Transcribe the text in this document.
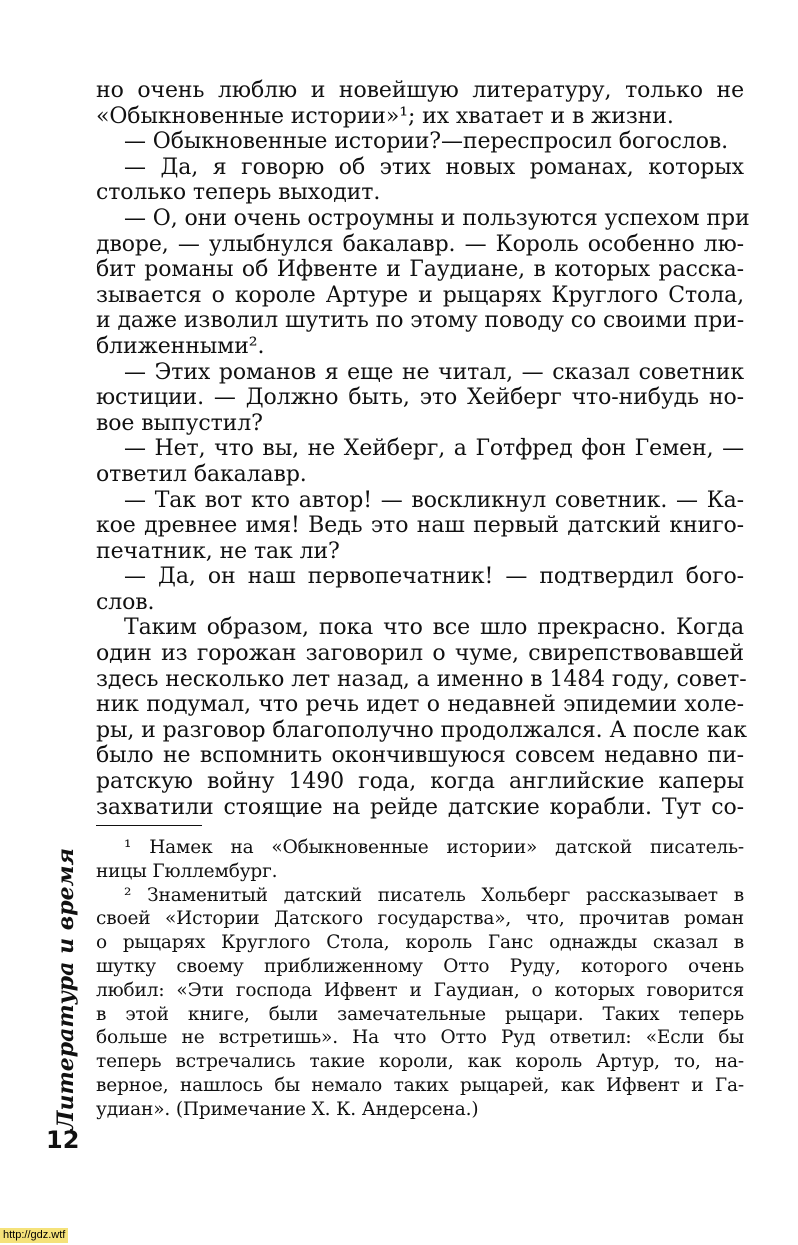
но очень люблю и новейшую литературу, только не
«Обыкновенные истории»¹; их хватает и в жизни.
— Обыкновенные истории?—переспросил богослов.
— Да, я говорю об этих новых романах, которых
столько теперь выходит.
— О, они очень остроумны и пользуются успехом при
дворе, — улыбнулся бакалавр. — Король особенно лю-
бит романы об Ифвенте и Гаудиане, в которых расска-
зывается о короле Артуре и рыцарях Круглого Стола,
и даже изволил шутить по этому поводу со своими при-
ближенными².
— Этих романов я еще не читал, — сказал советник
юстиции. — Должно быть, это Хейберг что-нибудь но-
вое выпустил?
— Нет, что вы, не Хейберг, а Готфред фон Гемен, —
ответил бакалавр.
— Так вот кто автор! — воскликнул советник. — Ка-
кое древнее имя! Ведь это наш первый датский книго-
печатник, не так ли?
— Да, он наш первопечатник! — подтвердил бого-
слов.
Таким образом, пока что все шло прекрасно. Когда
один из горожан заговорил о чуме, свирепствовавшей
здесь несколько лет назад, а именно в 1484 году, совет-
ник подумал, что речь идет о недавней эпидемии холе-
ры, и разговор благополучно продолжался. А после как
было не вспомнить окончившуюся совсем недавно пи-
ратскую войну 1490 года, когда английские каперы
захватили стоящие на рейде датские корабли. Тут со-
¹ Намек на «Обыкновенные истории» датской писатель-
ницы Гюллембург.
² Знаменитый датский писатель Хольберг рассказывает в
своей «Истории Датского государства», что, прочитав роман
о рыцарях Круглого Стола, король Ганс однажды сказал в
шутку своему приближенному Отто Руду, которого очень
любил: «Эти господа Ифвент и Гаудиан, о которых говорится
в этой книге, были замечательные рыцари. Таких теперь
больше не встретишь». На что Отто Руд ответил: «Если бы
теперь встречались такие короли, как король Артур, то, на-
верное, нашлось бы немало таких рыцарей, как Ифвент и Га-
удиан». (Примечание Х. К. Андерсена.)
Литература и время
12
http://gdz.wtf
